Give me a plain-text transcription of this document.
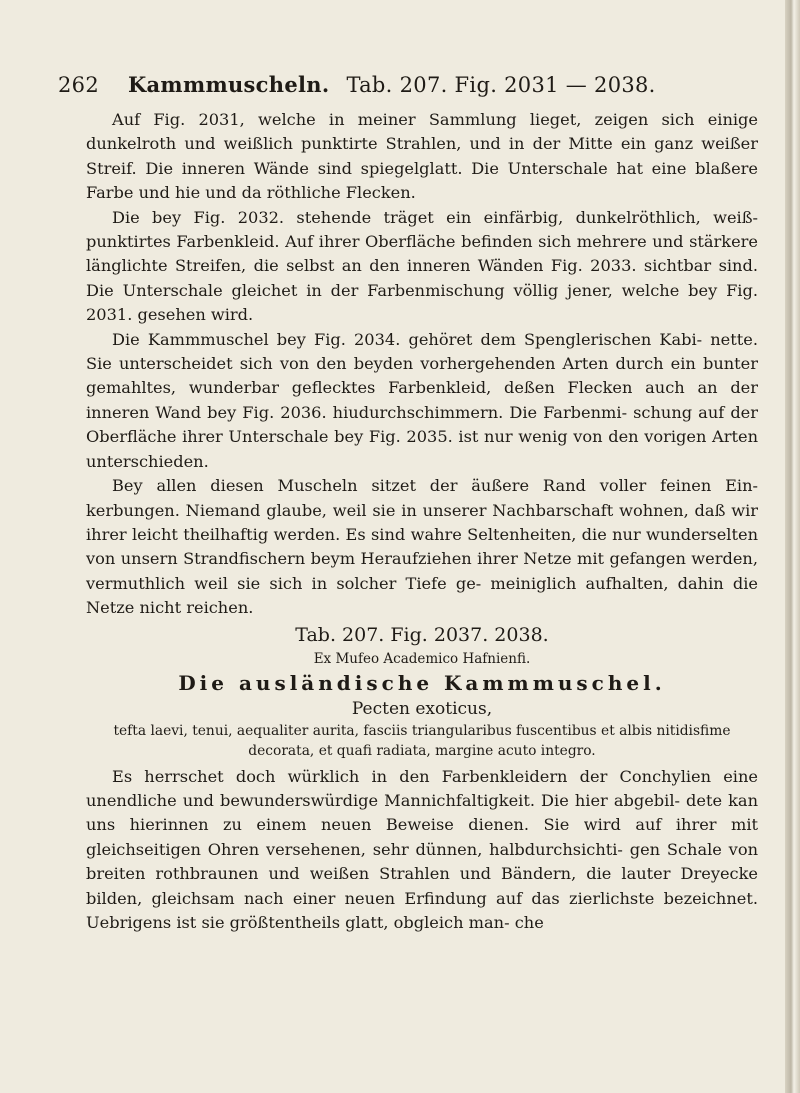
262 Kammmuscheln. Tab. 207. Fig. 2031 — 2038.

Auf Fig. 2031, welche in meiner Sammlung lieget, zeigen sich einige dunkelroth und weißlich punktirte Strahlen, und in der Mitte ein ganz weißer Streif. Die inneren Wände sind spiegelglatt. Die Unterschale hat eine blaßere Farbe und hie und da röthliche Flecken.

Die bey Fig. 2032. stehende träget ein einfärbig, dunkelröthlich, weiß- punktirtes Farbenkleid. Auf ihrer Oberfläche befinden sich mehrere und stärkere länglichte Streifen, die selbst an den inneren Wänden Fig. 2033. sichtbar sind. Die Unterschale gleichet in der Farbenmischung völlig jener, welche bey Fig. 2031. gesehen wird.

Die Kammmuschel bey Fig. 2034. gehöret dem Spenglerischen Kabi- nette. Sie unterscheidet sich von den beyden vorhergehenden Arten durch ein bunter gemahltes, wunderbar geflecktes Farbenkleid, deßen Flecken auch an der inneren Wand bey Fig. 2036. hiudurchschimmern. Die Farbenmi- schung auf der Oberfläche ihrer Unterschale bey Fig. 2035. ist nur wenig von den vorigen Arten unterschieden.

Bey allen diesen Muscheln sitzet der äußere Rand voller feinen Ein- kerbungen. Niemand glaube, weil sie in unserer Nachbarschaft wohnen, daß wir ihrer leicht theilhaftig werden. Es sind wahre Seltenheiten, die nur wunderselten von unsern Strandfischern beym Heraufziehen ihrer Netze mit gefangen werden, vermuthlich weil sie sich in solcher Tiefe ge- meiniglich aufhalten, dahin die Netze nicht reichen.

Tab. 207. Fig. 2037. 2038.

Ex Mufeo Academico Hafnienfi.

Die ausländische Kammmuschel.

Pecten exoticus,

tefta laevi, tenui, aequaliter aurita, fasciis triangularibus fuscentibus et albis nitidisfime decorata, et quafi radiata, margine acuto integro.

Es herrschet doch würklich in den Farbenkleidern der Conchylien eine unendliche und bewunderswürdige Mannichfaltigkeit. Die hier abgebil- dete kan uns hierinnen zu einem neuen Beweise dienen. Sie wird auf ihrer mit gleichseitigen Ohren versehenen, sehr dünnen, halbdurchsichti- gen Schale von breiten rothbraunen und weißen Strahlen und Bändern, die lauter Dreyecke bilden, gleichsam nach einer neuen Erfindung auf das zierlichste bezeichnet. Uebrigens ist sie größtentheils glatt, obgleich man- che
